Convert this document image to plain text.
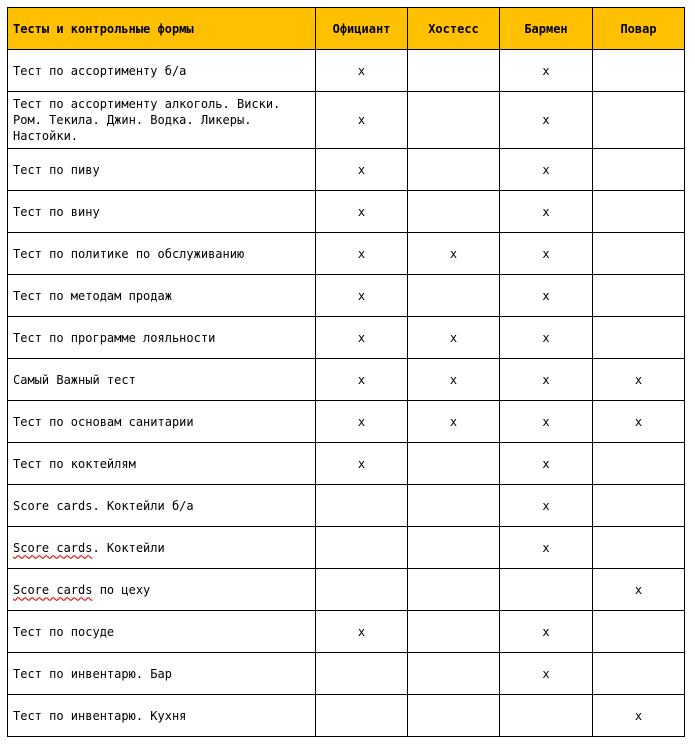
Тесты и контрольные формы	Официант	Хостесс	Бармен	Повар
Тест по ассортименту б/а	x		x	
Тест по ассортименту алкоголь. Виски. Ром. Текила. Джин. Водка. Ликеры. Настойки.	x		x	
Тест по пиву	x		x	
Тест по вину	x		x	
Тест по политике по обслуживанию	x	x	x	
Тест по методам продаж	x		x	
Тест по программе лояльности	x	x	x	
Самый Важный тест	x	x	x	x
Тест по основам санитарии	x	x	x	x
Тест по коктейлям	x		x	
Score cards. Коктейли б/а			x	
Score cards. Коктейли			x	
Score cards по цеху				x
Тест по посуде	x		x	
Тест по инвентарю. Бар			x	
Тест по инвентарю. Кухня				x
